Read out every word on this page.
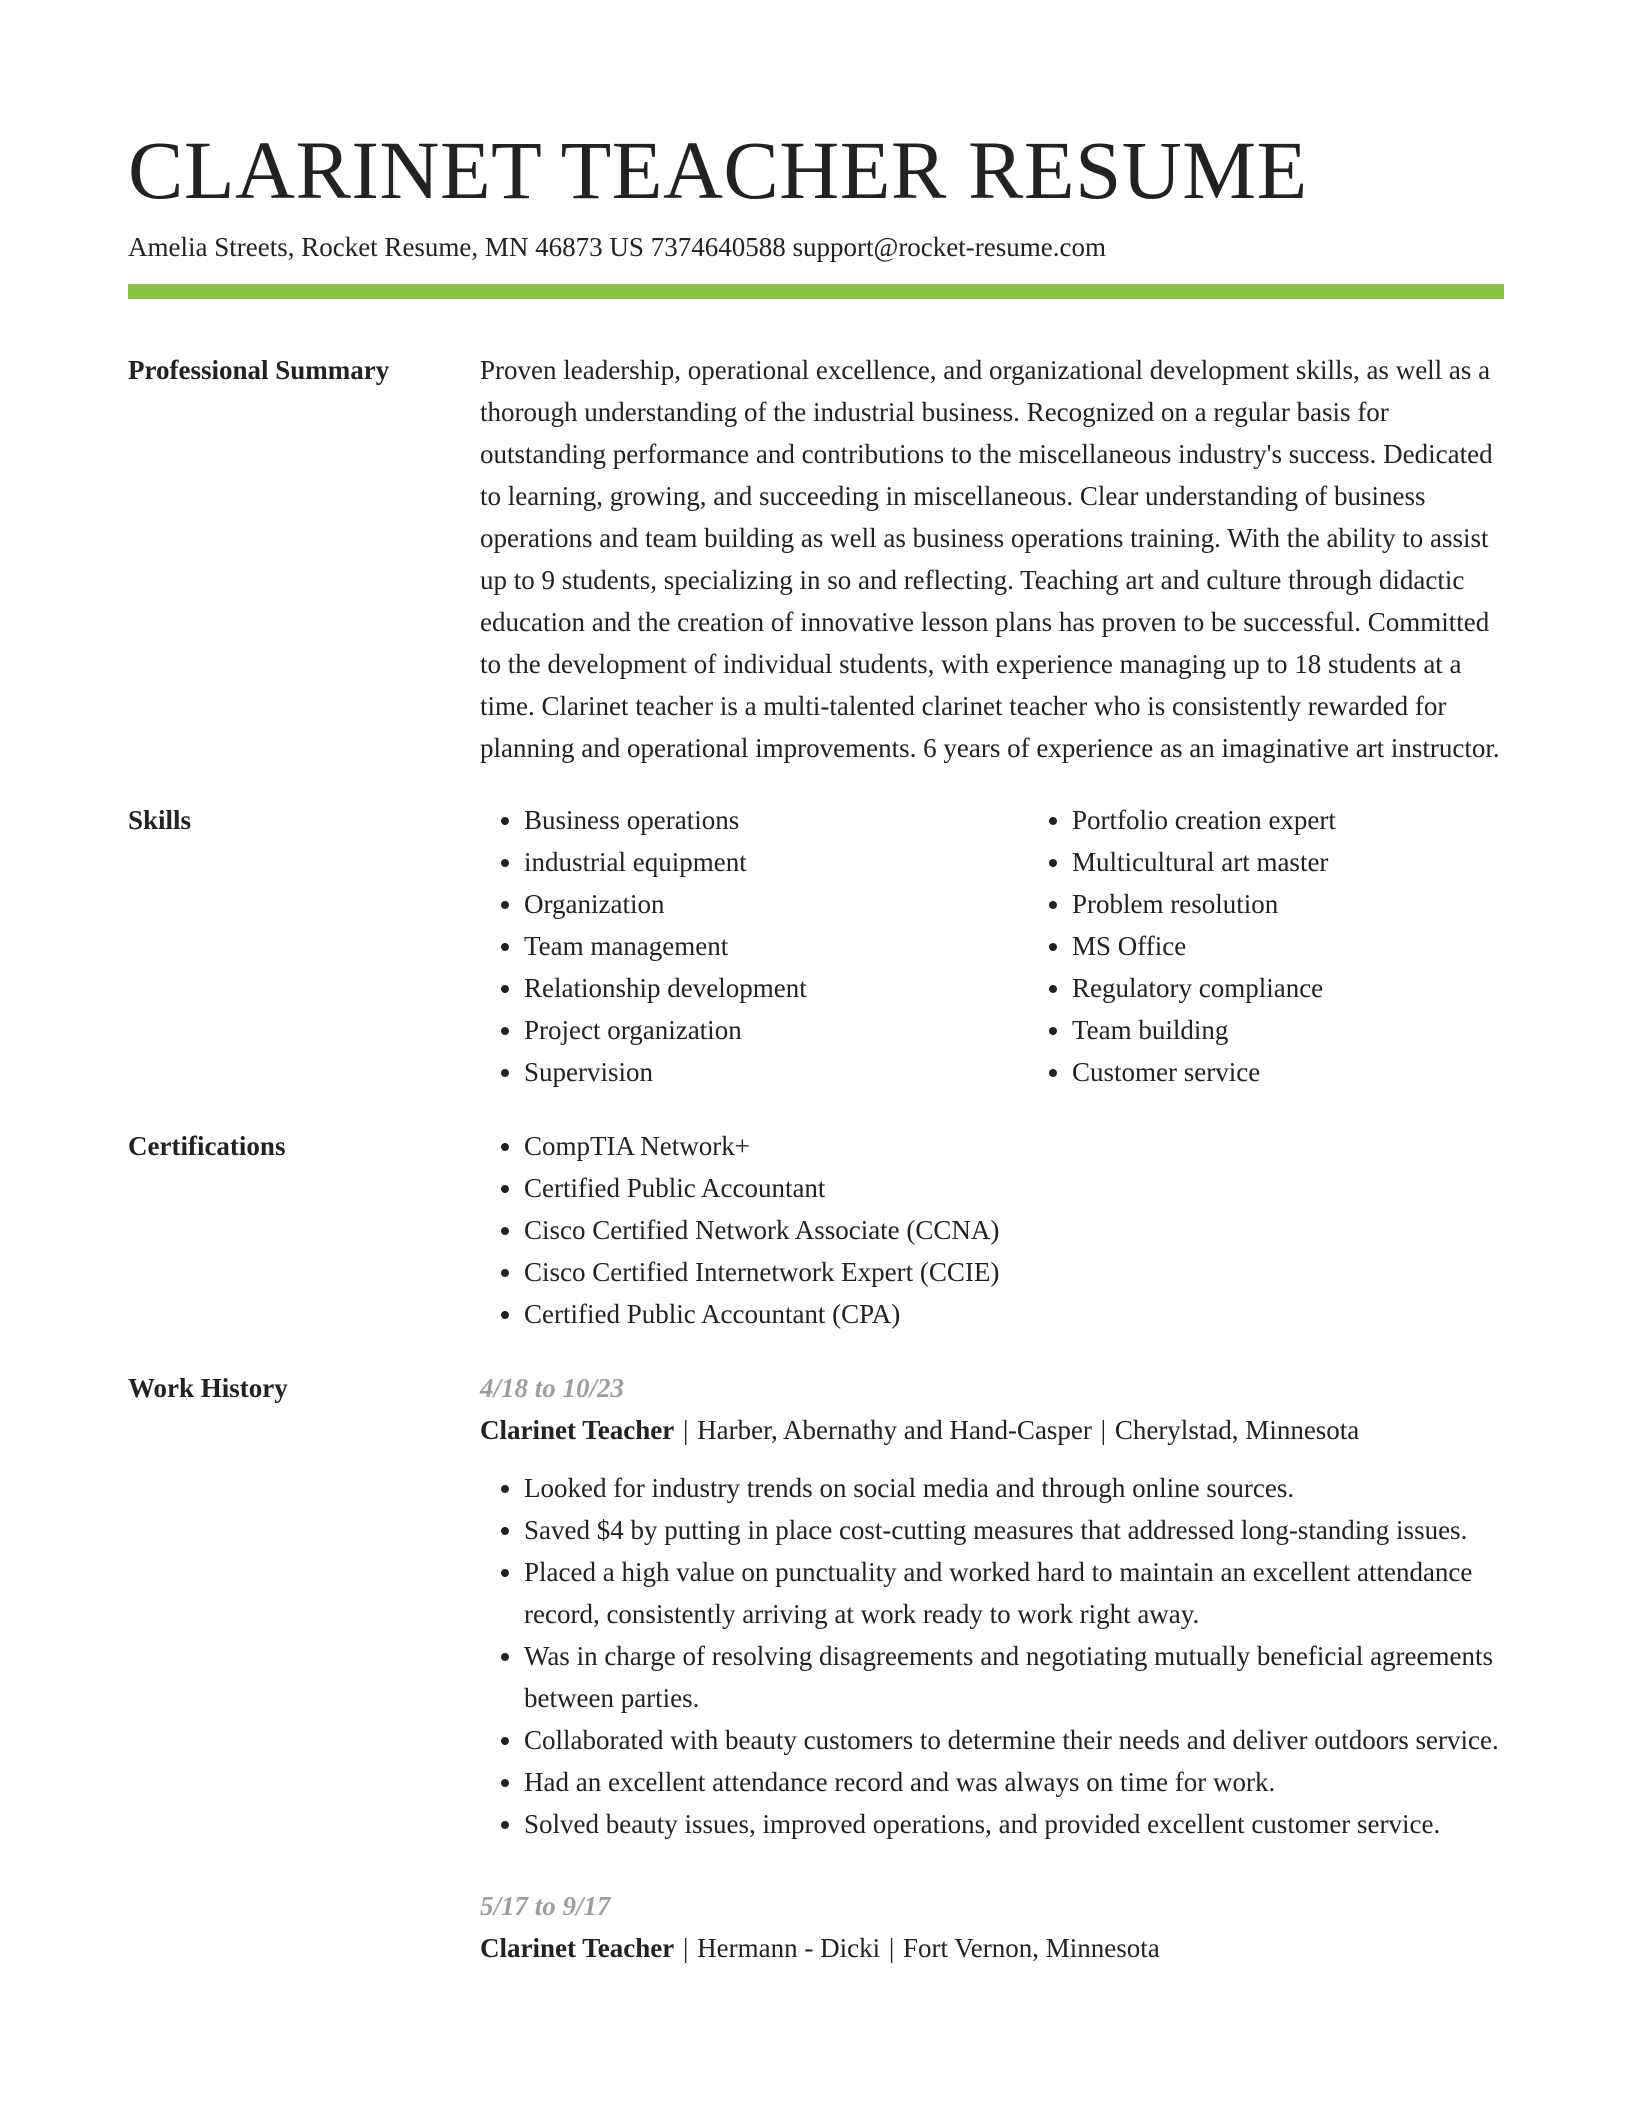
CLARINET TEACHER RESUME
Amelia Streets, Rocket Resume, MN 46873 US 7374640588 support@rocket-resume.com
Professional Summary	Proven leadership, operational excellence, and organizational development skills, as well as a thorough understanding of the industrial business. Recognized on a regular basis for outstanding performance and contributions to the miscellaneous industry's success. Dedicated to learning, growing, and succeeding in miscellaneous. Clear understanding of business operations and team building as well as business operations training. With the ability to assist up to 9 students, specializing in so and reflecting. Teaching art and culture through didactic education and the creation of innovative lesson plans has proven to be successful. Committed to the development of individual students, with experience managing up to 18 students at a time. Clarinet teacher is a multi-talented clarinet teacher who is consistently rewarded for planning and operational improvements. 6 years of experience as an imaginative art instructor.

Skills	• Business operations
• industrial equipment
• Organization
• Team management
• Relationship development
• Project organization
• Supervision
• Portfolio creation expert
• Multicultural art master
• Problem resolution
• MS Office
• Regulatory compliance
• Team building
• Customer service
Certifications	• CompTIA Network+
• Certified Public Accountant
• Cisco Certified Network Associate (CCNA)
• Cisco Certified Internetwork Expert (CCIE)
• Certified Public Accountant (CPA)
Work History	4/18 to 10/23
Clarinet Teacher | Harber, Abernathy and Hand-Casper | Cherylstad, Minnesota
• Looked for industry trends on social media and through online sources.
• Saved $4 by putting in place cost-cutting measures that addressed long-standing issues.
• Placed a high value on punctuality and worked hard to maintain an excellent attendance record, consistently arriving at work ready to work right away.
• Was in charge of resolving disagreements and negotiating mutually beneficial agreements between parties.
• Collaborated with beauty customers to determine their needs and deliver outdoors service.
• Had an excellent attendance record and was always on time for work.
• Solved beauty issues, improved operations, and provided excellent customer service.
5/17 to 9/17
Clarinet Teacher | Hermann - Dicki | Fort Vernon, Minnesota
